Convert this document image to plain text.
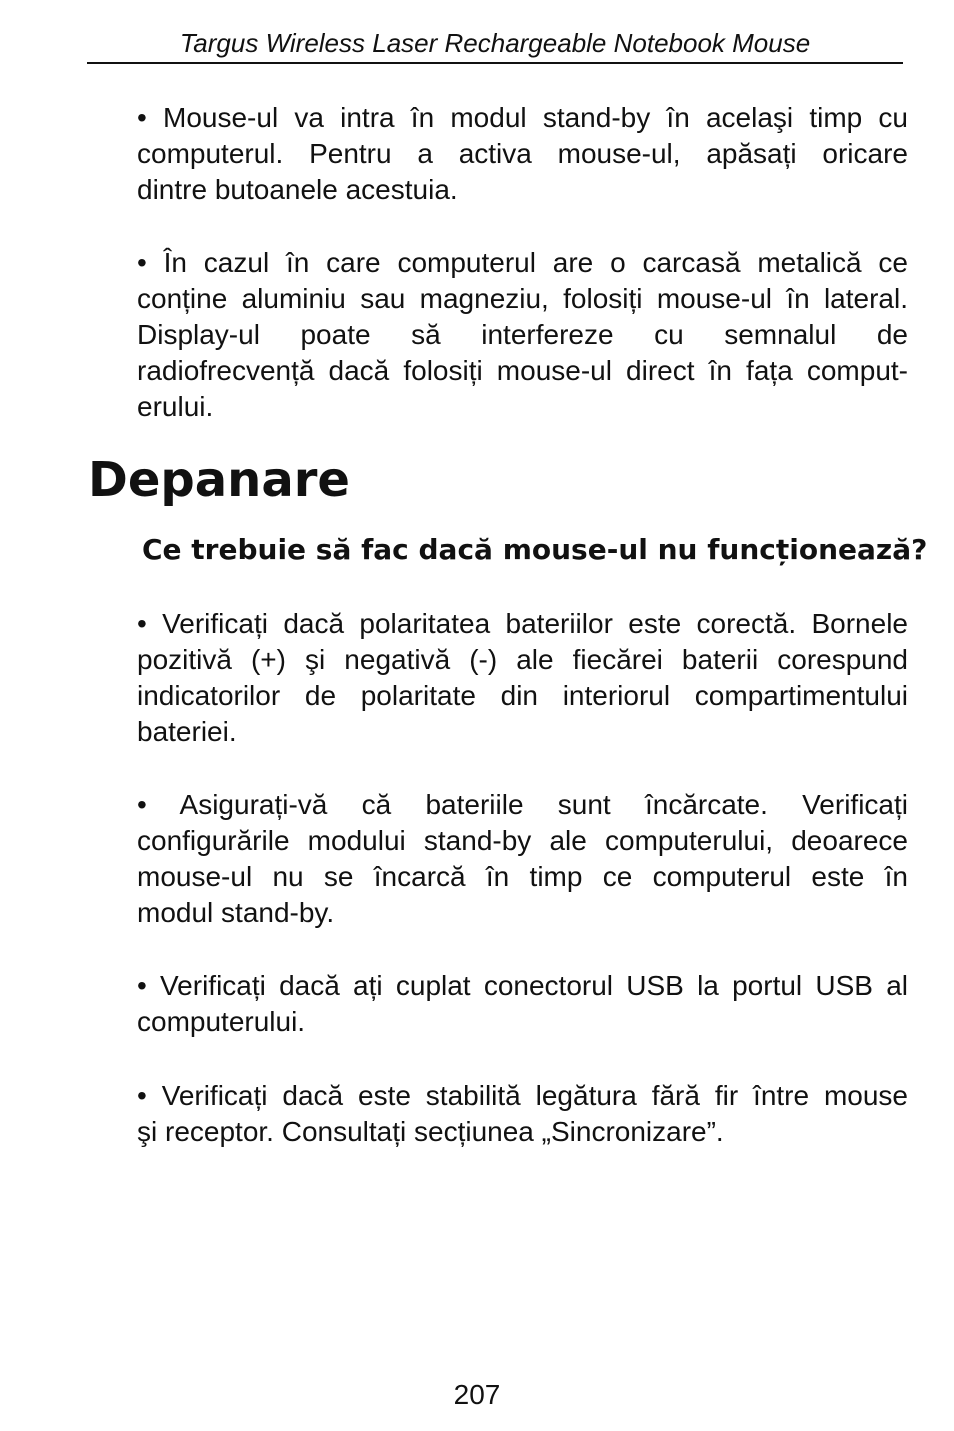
Targus Wireless Laser Rechargeable Notebook Mouse
• Mouse-ul va intra în modul stand-by în acelaşi timp cu
computerul. Pentru a activa mouse-ul, apăsați oricare
dintre butoanele acestuia.
• În cazul în care computerul are o carcasă metalică ce
conține aluminiu sau magneziu, folosiți mouse-ul în lateral.
Display-ul poate să interfereze cu semnalul de
radiofrecvență dacă folosiți mouse-ul direct în fața comput-
erului.
Depanare
Ce trebuie să fac dacă mouse-ul nu funcționează?
• Verificați dacă polaritatea bateriilor este corectă. Bornele
pozitivă (+) şi negativă (-) ale fiecărei baterii corespund
indicatorilor de polaritate din interiorul compartimentului
bateriei.
• Asigurați-vă că bateriile sunt încărcate. Verificați
configurările modului stand-by ale computerului, deoarece
mouse-ul nu se încarcă în timp ce computerul este în
modul stand-by.
• Verificați dacă ați cuplat conectorul USB la portul USB al
computerului.
• Verificați dacă este stabilită legătura fără fir între mouse
şi receptor. Consultați secțiunea „Sincronizare”.
207
